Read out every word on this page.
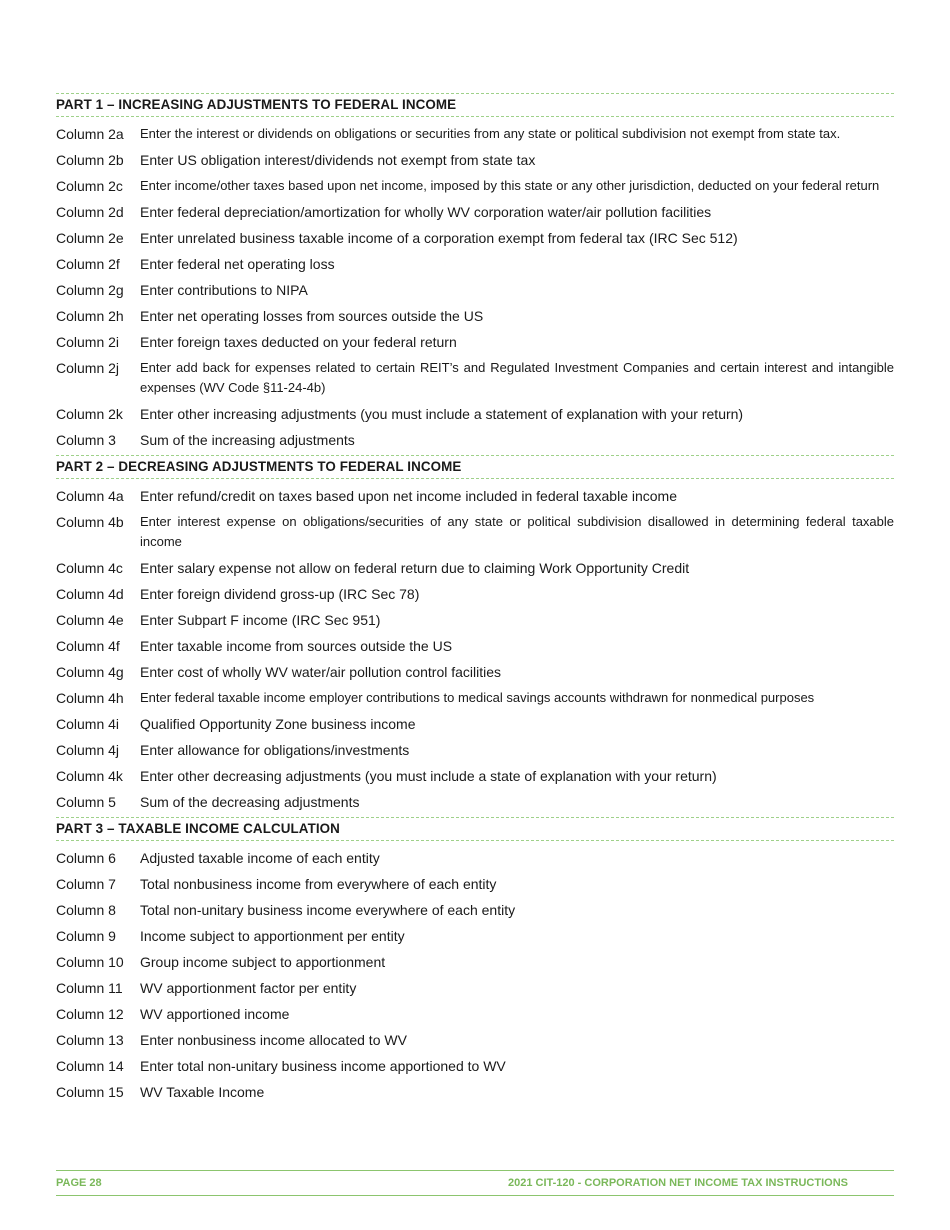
PART 1 – INCREASING ADJUSTMENTS TO FEDERAL INCOME
Column 2a	Enter the interest or dividends on obligations or securities from any state or political subdivision not exempt from state tax.
Column 2b	Enter US obligation interest/dividends not exempt from state tax
Column 2c	Enter income/other taxes based upon net income, imposed by this state or any other jurisdiction, deducted on your federal return
Column 2d	Enter federal depreciation/amortization for wholly WV corporation water/air pollution facilities
Column 2e	Enter unrelated business taxable income of a corporation exempt from federal tax (IRC Sec 512)
Column 2f	Enter federal net operating loss
Column 2g	Enter contributions to NIPA
Column 2h	Enter net operating losses from sources outside the US
Column 2i	Enter foreign taxes deducted on your federal return
Column 2j	Enter add back for expenses related to certain REIT’s and Regulated Investment Companies and certain interest and intangible expenses (WV Code §11-24-4b)
Column 2k	Enter other increasing adjustments (you must include a statement of explanation with your return)
Column 3	Sum of the increasing adjustments
PART 2 – DECREASING ADJUSTMENTS TO FEDERAL INCOME
Column 4a	Enter refund/credit on taxes based upon net income included in federal taxable income
Column 4b	Enter interest expense on obligations/securities of any state or political subdivision disallowed in determining federal taxable income
Column 4c	Enter salary expense not allow on federal return due to claiming Work Opportunity Credit
Column 4d	Enter foreign dividend gross-up (IRC Sec 78)
Column 4e	Enter Subpart F income (IRC Sec 951)
Column 4f	Enter taxable income from sources outside the US
Column 4g	Enter cost of wholly WV water/air pollution control facilities
Column 4h	Enter federal taxable income employer contributions to medical savings accounts withdrawn for nonmedical purposes
Column 4i	Qualified Opportunity Zone business income
Column 4j	Enter allowance for obligations/investments
Column 4k	Enter other decreasing adjustments (you must include a state of explanation with your return)
Column 5	Sum of the decreasing adjustments
PART 3 – TAXABLE INCOME CALCULATION
Column 6	Adjusted taxable income of each entity
Column 7	Total nonbusiness income from everywhere of each entity
Column 8	Total non-unitary business income everywhere of each entity
Column 9	Income subject to apportionment per entity
Column 10	Group income subject to apportionment
Column 11	WV apportionment factor per entity
Column 12	WV apportioned income
Column 13	Enter nonbusiness income allocated to WV
Column 14	Enter total non-unitary business income apportioned to WV
Column 15	WV Taxable Income
PAGE 28	2021 CIT-120 - CORPORATION NET INCOME TAX INSTRUCTIONS
